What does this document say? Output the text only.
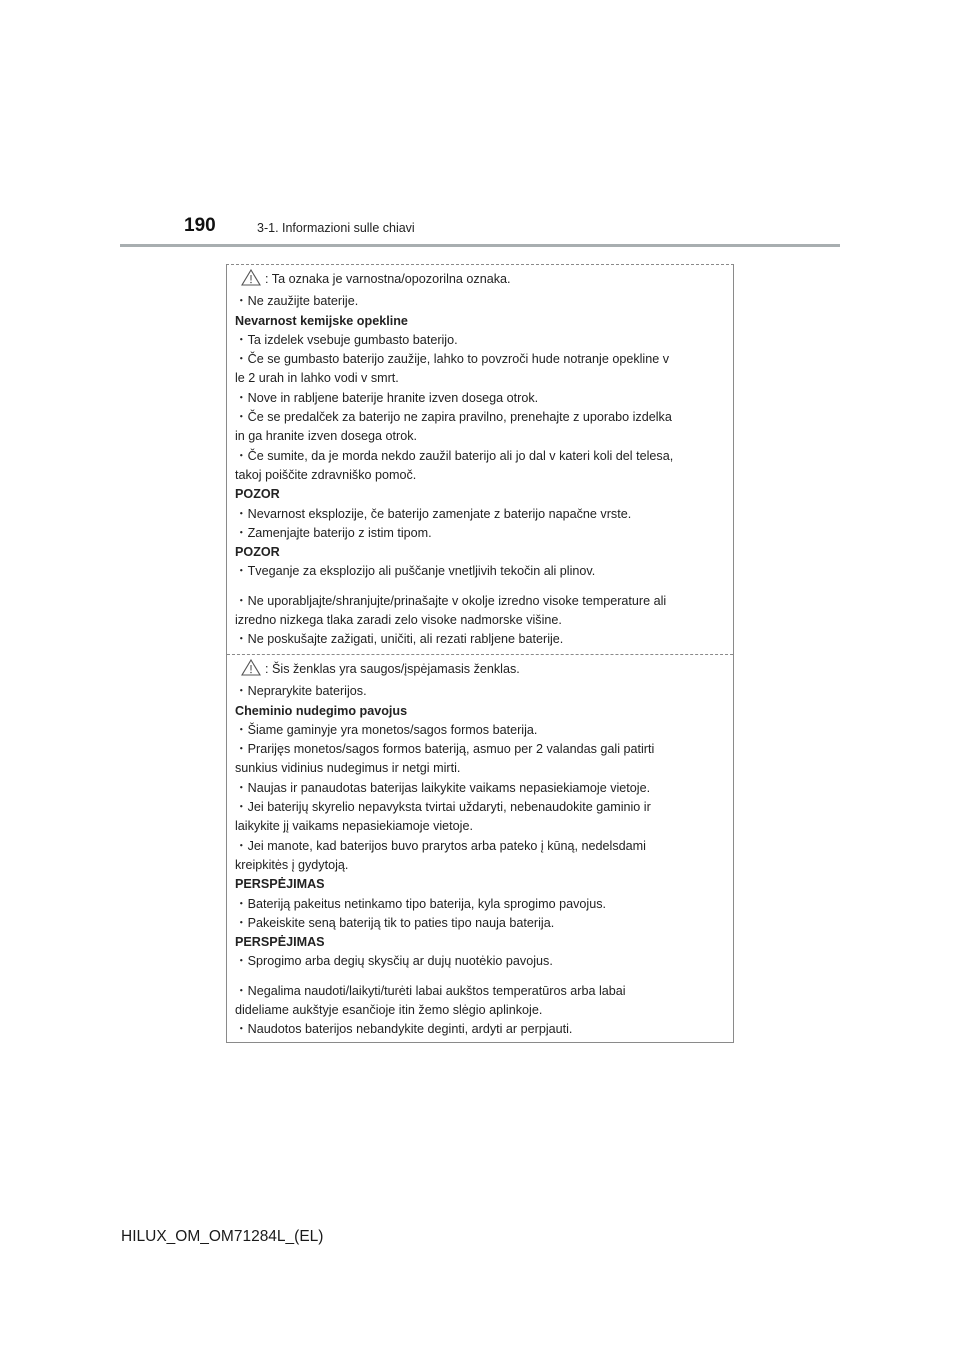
190	3-1. Informazioni sulle chiavi
: Ta oznaka je varnostna/opozorilna oznaka.
・Ne zaužijte baterije.
Nevarnost kemijske opekline
・Ta izdelek vsebuje gumbasto baterijo.
・Če se gumbasto baterijo zaužije, lahko to povzroči hude notranje opekline v
le 2 urah in lahko vodi v smrt.
・Nove in rabljene baterije hranite izven dosega otrok.
・Če se predalček za baterijo ne zapira pravilno, prenehajte z uporabo izdelka
in ga hranite izven dosega otrok.
・Če sumite, da je morda nekdo zaužil baterijo ali jo dal v kateri koli del telesa,
takoj poiščite zdravniško pomoč.
POZOR
・Nevarnost eksplozije, če baterijo zamenjate z baterijo napačne vrste.
・Zamenjajte baterijo z istim tipom.
POZOR
・Tveganje za eksplozijo ali puščanje vnetljivih tekočin ali plinov.
・Ne uporabljajte/shranjujte/prinašajte v okolje izredno visoke temperature ali
izredno nizkega tlaka zaradi zelo visoke nadmorske višine.
・Ne poskušajte zažigati, uničiti, ali rezati rabljene baterije.
: Šis ženklas yra saugos/įspėjamasis ženklas.
・Neprarykite baterijos.
Cheminio nudegimo pavojus
・Šiame gaminyje yra monetos/sagos formos baterija.
・Prarijęs monetos/sagos formos bateriją, asmuo per 2 valandas gali patirti
sunkius vidinius nudegimus ir netgi mirti.
・Naujas ir panaudotas baterijas laikykite vaikams nepasiekiamoje vietoje.
・Jei baterijų skyrelio nepavyksta tvirtai uždaryti, nebenaudokite gaminio ir
laikykite jį vaikams nepasiekiamoje vietoje.
・Jei manote, kad baterijos buvo prarytos arba pateko į kūną, nedelsdami
kreipkitės į gydytoją.
PERSPĖJIMAS
・Bateriją pakeitus netinkamo tipo baterija, kyla sprogimo pavojus.
・Pakeiskite seną bateriją tik to paties tipo nauja baterija.
PERSPĖJIMAS
・Sprogimo arba degių skysčių ar dujų nuotėkio pavojus.
・Negalima naudoti/laikyti/turėti labai aukštos temperatūros arba labai
dideliame aukštyje esančioje itin žemo slėgio aplinkoje.
・Naudotos baterijos nebandykite deginti, ardyti ar perpjauti.
HILUX_OM_OM71284L_(EL)
